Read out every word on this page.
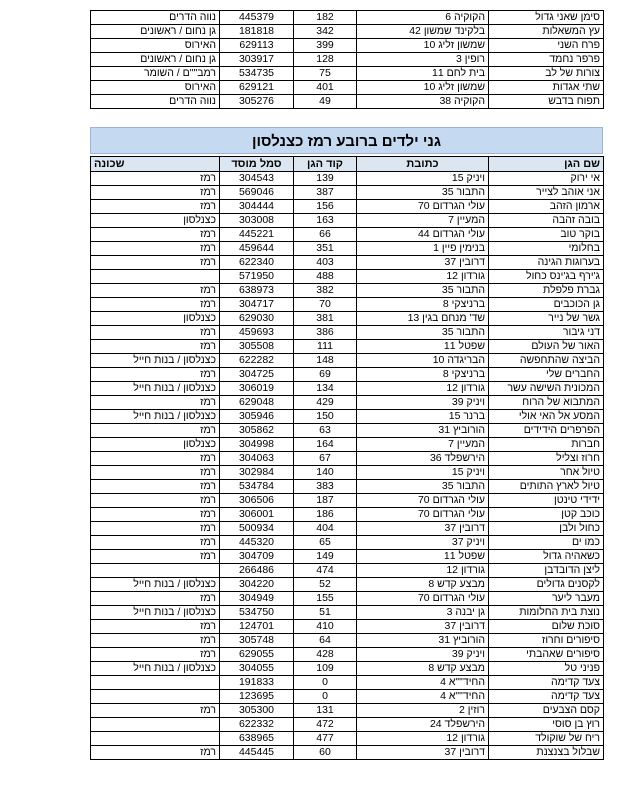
סימן שאני גדול	הקוקיה 6	182	445379	נווה הדרים
עץ המשאלות	בלקינד שמשון 42	342	181818	גן נחום / ראשונים
פרח השני	שמשון זליג 10	399	629113	האירוס
פרפר נחמד	רופין 3	128	303917	גן נחום / ראשונים
צורות של לב	בית לחם 11	75	534735	רמב""ם / השומר
שתי אגדות	שמשון זליג 10	401	629121	האירוס
תפוח בדבש	הקוקיה 38	49	305276	נווה הדרים
גני ילדים ברובע רמז כצנלסון
שם הגן	כתובת	קוד הגן	סמל מוסד	שכונה
אי ירוק	ויניק 15	139	304543	רמז
אני אוהב לצייר	התבור 35	387	569046	רמז
ארמון הזהב	עולי הגרדום 70	156	304444	רמז
בובה זהבה	המעיין 7	163	303008	כצנלסון
בוקר טוב	עולי הגרדום 44	66	445221	רמז
בחלומי	בנימין פיין 1	351	459644	רמז
בערוגות הגינה	דרובין 37	403	622340	רמז
ג'ירף בג'ינס כחול	גורדון 12	488	571950	
גברת פלפלת	התבור 35	382	638973	רמז
גן הכוכבים	ברניצקי 8	70	304717	רמז
גשר של נייר	שד' מנחם בגין 13	381	629030	כצנלסון
דני גיבור	התבור 35	386	459693	רמז
האור של העולם	שפטל 11	111	305508	רמז
הביצה שהתחפשה	הבריגדה 10	148	622282	כצנלסון / בנות חייל
החברים שלי	ברניצקי 8	69	304725	רמז
המכונית השישה עשר	גורדון 12	134	306019	כצנלסון / בנות חייל
המתבוא של הרוח	ויניק 39	429	629048	רמז
המסע אל האי אולי	ברנר 15	150	305946	כצנלסון / בנות חייל
הפרפרים הידידים	הורוביץ 31	63	305862	רמז
חברות	המעיין 7	164	304998	כצנלסון
חרוז וצליל	הירשפלד 36	67	304063	רמז
טיול אחר	ויניק 15	140	302984	רמז
טיול לארץ התותים	התבור 35	383	534784	רמז
ידידי טינטן	עולי הגרדום 70	187	306506	רמז
כוכב קטן	עולי הגרדום 70	186	306001	רמז
כחול ולבן	דרובין 37	404	500934	רמז
כמו ים	ויניק 37	65	445320	רמז
כשאהיה גדול	שפטל 11	149	304709	רמז
ליצן הדובדבן	גורדון 12	474	266486	
לקסנים גדולים	מבצע קדש 8	52	304220	כצנלסון / בנות חייל
מעבר ליער	עולי הגרדום 70	155	304949	רמז
נוצת בית החלומות	גן יבנה 3	51	534750	כצנלסון / בנות חייל
סוכת שלום	דרובין 37	410	124701	רמז
סיפורים וחרוז	הורוביץ 31	64	305748	רמז
סיפורים שאהבתי	ויניק 39	428	629055	רמז
פניני טל	מבצע קדש 8	109	304055	כצנלסון / בנות חייל
צעד קדימה	החיד""א 4	0	191833	
צעד קדימה	החיד""א 4	0	123695	
קסם הצבעים	רוזין 2	131	305300	רמז
רוץ בן סוסי	הירשפלד 24	472	622332	
ריח של שוקולד	גורדון 12	477	638965	
שבלול בצנצנת	דרובין 37	60	445445	רמז
